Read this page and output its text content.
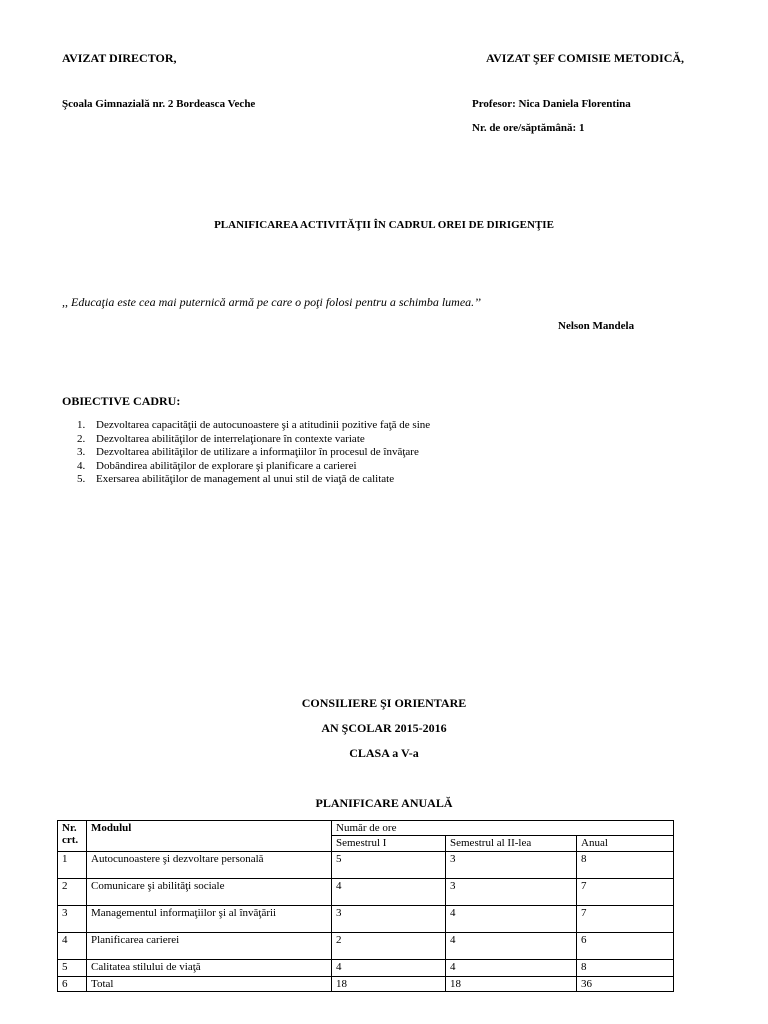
AVIZAT DIRECTOR,	AVIZAT ŞEF COMISIE METODICĂ,
Şcoala Gimnazială nr. 2 Bordeasca Veche	Profesor: Nica Daniela Florentina
Nr. de ore/săptămână: 1
PLANIFICAREA ACTIVITĂŢII ÎN CADRUL OREI DE DIRIGENŢIE
,, Educaţia este cea mai puternică armă pe care o poţi folosi pentru a schimba lumea.’’
Nelson Mandela
OBIECTIVE CADRU:
1. Dezvoltarea capacităţii de autocunoastere şi a atitudinii pozitive faţă de sine
2. Dezvoltarea abilităţilor de interrelaţionare în contexte variate
3. Dezvoltarea abilităţilor de utilizare a informaţiilor în procesul de învăţare
4. Dobândirea abilităţilor de explorare şi planificare a carierei
5. Exersarea abilităţilor de management al unui stil de viaţă de calitate
CONSILIERE ŞI ORIENTARE
AN ŞCOLAR 2015-2016
CLASA a V-a
PLANIFICARE ANUALĂ
Nr. crt.	Modulul	Număr de ore		
		Semestrul I	Semestrul al II-lea	Anual
1	Autocunoastere şi dezvoltare personală	5	3	8
2	Comunicare şi abilităţi sociale	4	3	7
3	Managementul informaţiilor şi al învăţării	3	4	7
4	Planificarea carierei	2	4	6
5	Calitatea stilului de viaţă	4	4	8
6	Total	18	18	36
